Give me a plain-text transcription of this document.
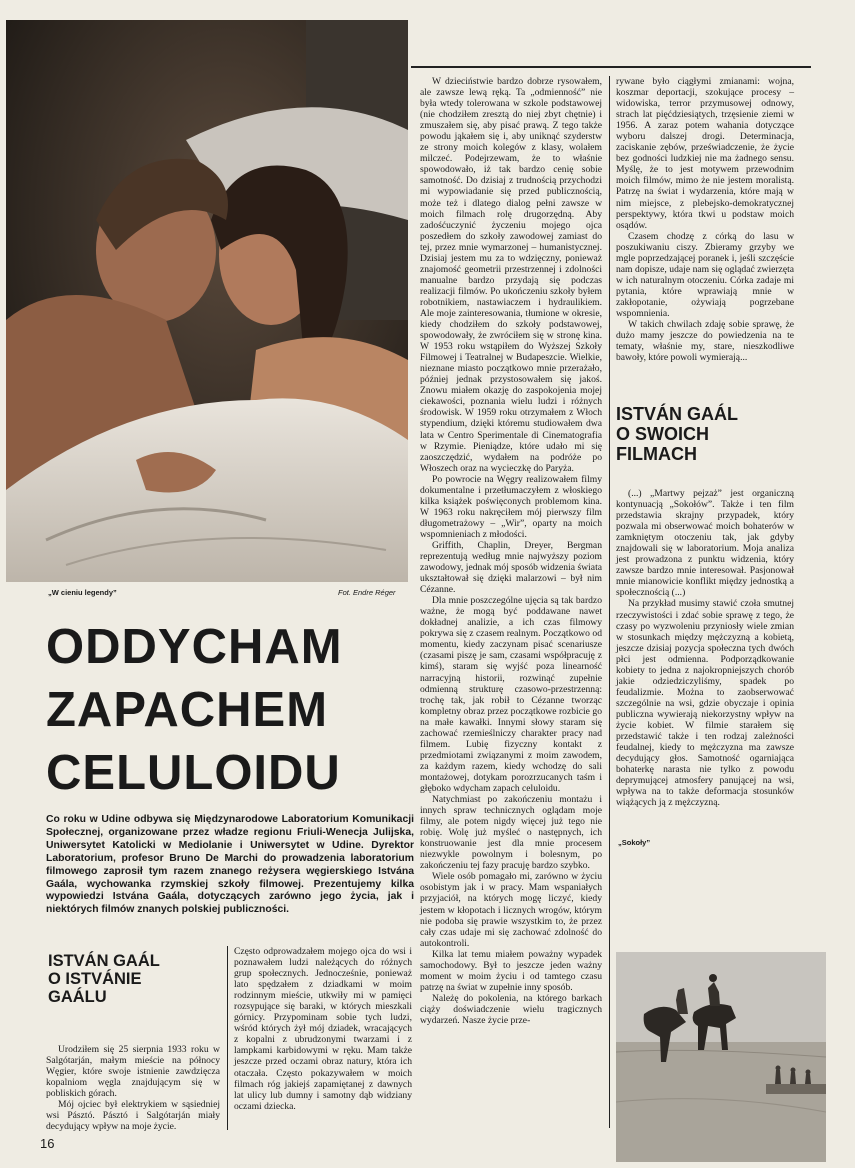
„W cieniu legendy”	Fot. Endre Réger
ODDYCHAM
ZAPACHEM
CELULOIDU
Co roku w Udine odbywa się Międzynarodowe Laboratorium Komunikacji Społecznej, organizowane przez władze regionu Friuli-Wenecja Julijska, Uniwersytet Katolicki w Mediolanie i Uniwersytet w Udine. Dyrektor Laboratorium, profesor Bruno De Marchi do prowadzenia laboratorium filmowego zaprosił tym razem znanego reżysera węgierskiego Istvána Gaála, wychowanka rzymskiej szkoły filmowej. Prezentujemy kilka wypowiedzi Istvána Gaála, dotyczących zarówno jego życia, jak i niektórych filmów znanych polskiej publiczności.
ISTVÁN GAÁL
O ISTVÁNIE
GAÁLU

Urodziłem się 25 sierpnia 1933 roku w Salgótarján, małym mieście na północy Węgier, które swoje istnienie zawdzięcza kopalniom węgla znajdującym się w pobliskich górach.

Mój ojciec był elektrykiem w sąsiedniej wsi Pásztó. Pásztó i Salgótarján miały decydujący wpływ na moje życie.

Często odprowadzałem mojego ojca do wsi i poznawałem ludzi należących do różnych grup społecznych. Jednocześnie, ponieważ lato spędzałem z dziadkami w moim rodzinnym mieście, utkwiły mi w pamięci rozsypujące się baraki, w których mieszkali górnicy. Przypominam sobie tych ludzi, wśród których żył mój dziadek, wracających z kopalni z ubrudzonymi twarzami i z lampkami karbidowymi w ręku. Mam także jeszcze przed oczami obraz natury, która ich otaczała. Często pokazywałem w moich filmach róg jakiejś zapamiętanej z dawnych lat ulicy lub dumny i samotny dąb widziany oczami dziecka.

W dzieciństwie bardzo dobrze rysowałem, ale zawsze lewą ręką. Ta „odmienność” nie była wtedy tolerowana w szkole podstawowej (nie chodziłem zresztą do niej zbyt chętnie) i zmuszałem się, aby pisać prawą. Z tego także powodu jąkałem się i, aby uniknąć szyderstw ze strony moich kolegów z klasy, wolałem milczeć. Podejrzewam, że to właśnie spowodowało, iż tak bardzo cenię sobie samotność. Do dzisiaj z trudnością przychodzi mi wypowiadanie się przed publicznością, może też i dlatego dialog pełni zawsze w moich filmach rolę drugorzędną. Aby zadośćuczynić życzeniu mojego ojca poszedłem do szkoły zawodowej zamiast do tej, przez mnie wymarzonej – humanistycznej. Dzisiaj jestem mu za to wdzięczny, ponieważ znajomość geometrii przestrzennej i zdolności manualne bardzo przydają się podczas realizacji filmów. Po ukończeniu szkoły byłem robotnikiem, nastawiaczem i hydraulikiem. Ale moje zainteresowania, tłumione w okresie, kiedy chodziłem do szkoły podstawowej, spowodowały, że zwróciłem się w stronę kina. W 1953 roku wstąpiłem do Wyższej Szkoły Filmowej i Teatralnej w Budapeszcie. Wielkie, nieznane miasto początkowo mnie przerażało, później jednak przystosowałem się jakoś. Znowu miałem okazję do zaspokojenia mojej ciekawości, poznania wielu ludzi i różnych środowisk. W 1959 roku otrzymałem z Włoch stypendium, dzięki któremu studiowałem dwa lata w Centro Sperimentale di Cinematografia w Rzymie. Pieniądze, które udało mi się zaoszczędzić, wydałem na podróże po Włoszech oraz na wycieczkę do Paryża.

Po powrocie na Węgry realizowałem filmy dokumentalne i przetłumaczyłem z włoskiego kilka książek poświęconych problemom kina. W 1963 roku nakręciłem mój pierwszy film długometrażowy – „Wir”, oparty na moich wspomnieniach z młodości.

Griffith, Chaplin, Dreyer, Bergman reprezentują według mnie najwyższy poziom zawodowy, jednak mój sposób widzenia świata ukształtował się dzięki malarzowi – był nim Cézanne.

Dla mnie poszczególne ujęcia są tak bardzo ważne, że mogą być poddawane nawet dokładnej analizie, a ich czas filmowy pokrywa się z czasem realnym. Początkowo od momentu, kiedy zaczynam pisać scenariusze (czasami piszę je sam, czasami współpracuję z kimś), staram się wyjść poza linearność narracyjną historii, rozwinąć zupełnie odmienną strukturę czasowo-przestrzenną: trochę tak, jak robił to Cézanne tworząc kompletny obraz przez początkowe rozbicie go na małe kawałki. Innymi słowy staram się zachować rzemieślniczy charakter pracy nad filmem. Lubię fizyczny kontakt z przedmiotami związanymi z moim zawodem, za każdym razem, kiedy wchodzę do sali montażowej, dotykam porozrzucanych taśm i głęboko wdycham zapach celuloidu.

Natychmiast po zakończeniu montażu i innych spraw technicznych oglądam moje filmy, ale potem nigdy więcej już tego nie robię. Wolę już myśleć o następnych, ich konstruowanie jest dla mnie procesem niezwykle powolnym i bolesnym, po zakończeniu tej fazy pracuję bardzo szybko.

Wiele osób pomagało mi, zarówno w życiu osobistym jak i w pracy. Mam wspaniałych przyjaciół, na których mogę liczyć, kiedy jestem w kłopotach i licznych wrogów, którym nie podoba się prawie wszystkim to, że przez cały czas udaje mi się zachować zdolność do autokontroli.

Kilka lat temu miałem poważny wypadek samochodowy. Był to jeszcze jeden ważny moment w moim życiu i od tamtego czasu patrzę na świat w zupełnie inny sposób.

Należę do pokolenia, na którego barkach ciąży doświadczenie wielu tragicznych wydarzeń. Nasze życie prze-

rywane było ciągłymi zmianami: wojna, koszmar deportacji, szokujące procesy – widowiska, terror przymusowej odnowy, strach lat pięćdziesiątych, trzęsienie ziemi w 1956. A zaraz potem wahania dotyczące wyboru dalszej drogi. Determinacja, zaciskanie zębów, przeświadczenie, że życie bez godności ludzkiej nie ma żadnego sensu. Myślę, że to jest motywem przewodnim moich filmów, mimo że nie jestem moralistą. Patrzę na świat i wydarzenia, które mają w nim miejsce, z plebejsko-demokratycznej perspektywy, która tkwi u podstaw moich osądów.

Czasem chodzę z córką do lasu w poszukiwaniu ciszy. Zbieramy grzyby we mgle poprzedzającej poranek i, jeśli szczęście nam dopisze, udaje nam się oglądać zwierzęta w ich naturalnym otoczeniu. Córka zadaje mi pytania, które wprawiają mnie w zakłopotanie, ożywiają pogrzebane wspomnienia.

W takich chwilach zdaję sobie sprawę, że dużo mamy jeszcze do powiedzenia na te tematy, właśnie my, stare, nieszkodliwe bawoły, które powoli wymierają...

ISTVÁN GAÁL
O SWOICH
FILMACH

(...) „Martwy pejzaż” jest organiczną kontynuacją „Sokołów”. Także i ten film przedstawia skrajny przypadek, który pozwala mi obserwować moich bohaterów w zamkniętym otoczeniu tak, jak gdyby znajdowali się w laboratorium. Moja analiza jest prowadzona z punktu widzenia, który zawsze bardzo mnie interesował. Pasjonował mnie mianowicie konflikt między jednostką a społecznością (...)

Na przykład musimy stawić czoła smutnej rzeczywistości i zdać sobie sprawę z tego, że czasy po wyzwoleniu przyniosły wiele zmian w stosunkach między mężczyzną a kobietą, jeszcze dzisiaj pozycja społeczna tych dwóch płci jest odmienna. Podporządkowanie kobiety to jedna z najokropniejszych chorób jakie odziedziczyliśmy, spadek po feudalizmie. Można to zaobserwować szczególnie na wsi, gdzie obyczaje i opinia publiczna wywierają niekorzystny wpływ na życie kobiet. W filmie starałem się przedstawić także i ten rodzaj zależności feudalnej, kiedy to mężczyzna ma zawsze decydujący głos. Samotność ogarniająca bohaterkę narasta nie tylko z powodu deprymującej atmosfery panującej na wsi, wpływa na to także deformacja stosunków wiążących ją z mężczyzną.

„Sokoły”
16
